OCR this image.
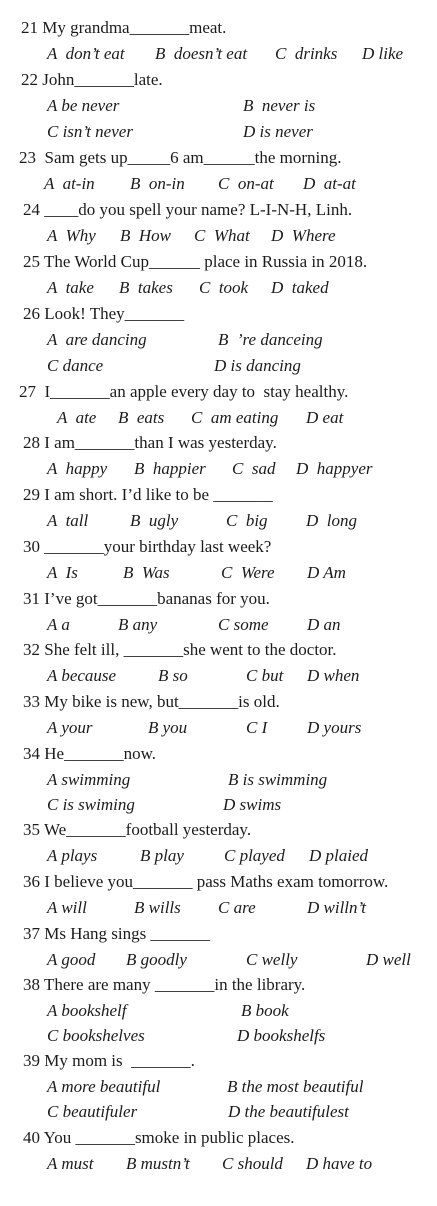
21 My grandma_______meat.
A  don’t eat B  doesn’t eat C  drinks D like
22 John_______late.
A be never	B  never is
C isn’t never	D is never
23  Sam gets up_____6 am______the morning.
A  at-in B  on-in C  on-at D  at-at
24 ____do you spell your name? L-I-N-H, Linh.
A  Why B  How C  What D  Where
25 The World Cup______ place in Russia in 2018.
A  take B  takes C  took D  taked
26 Look! They_______
A  are dancing	B  ’re danceing
C dance	D is dancing
27  I_______an apple every day to  stay healthy.
A  ate B  eats C  am eating D eat
28 I am_______than I was yesterday.
A  happy B  happier C  sad D  happyer
29 I am short. I’d like to be _______
A  tall B  ugly	C  big D  long
30 _______your birthday last week?
A  Is	B  Was	C  Were D Am
31 I’ve got_______bananas for you.
A a	B any	C some D an
32 She felt ill, _______she went to the doctor.
A because B so	C but D when
33 My bike is new, but_______is old.
A your	B you	C I D yours
34 He_______now.
A swimming	B is swimming
C is swiming	D swims
35 We_______football yesterday.
A plays	B play C played D plaied
36 I believe you_______ pass Maths exam tomorrow.
A will	B wills C are	D willn’t
37 Ms Hang sings _______
A good B goodly	C welly	D well
38 There are many _______in the library.
A bookshelf	B book
C bookshelves	D bookshelfs
39 My mom is  _______.
A more beautiful	B the most beautiful
C beautifuler	D the beautifulest
40 You _______smoke in public places.
A must B mustn’t C should D have to
